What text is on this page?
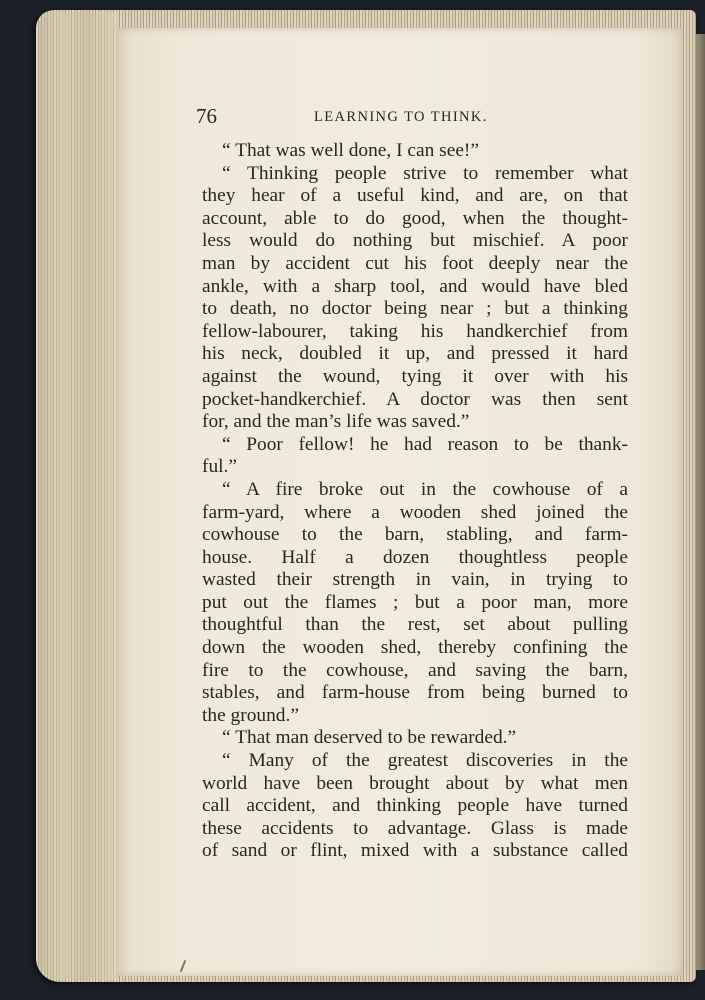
76	LEARNING TO THINK.
“ That was well done, I can see!”
“ Thinking people strive to remember what
they hear of a useful kind, and are, on that
account, able to do good, when the thought-
less would do nothing but mischief. A poor
man by accident cut his foot deeply near the
ankle, with a sharp tool, and would have bled
to death, no doctor being near ; but a thinking
fellow-labourer, taking his handkerchief from
his neck, doubled it up, and pressed it hard
against the wound, tying it over with his
pocket-handkerchief. A doctor was then sent
for, and the man’s life was saved.”
“ Poor fellow! he had reason to be thank-
ful.”
“ A fire broke out in the cowhouse of a
farm-yard, where a wooden shed joined the
cowhouse to the barn, stabling, and farm-
house. Half a dozen thoughtless people
wasted their strength in vain, in trying to
put out the flames ; but a poor man, more
thoughtful than the rest, set about pulling
down the wooden shed, thereby confining the
fire to the cowhouse, and saving the barn,
stables, and farm-house from being burned to
the ground.”
“ That man deserved to be rewarded.”
“ Many of the greatest discoveries in the
world have been brought about by what men
call accident, and thinking people have turned
these accidents to advantage. Glass is made
of sand or flint, mixed with a substance called
